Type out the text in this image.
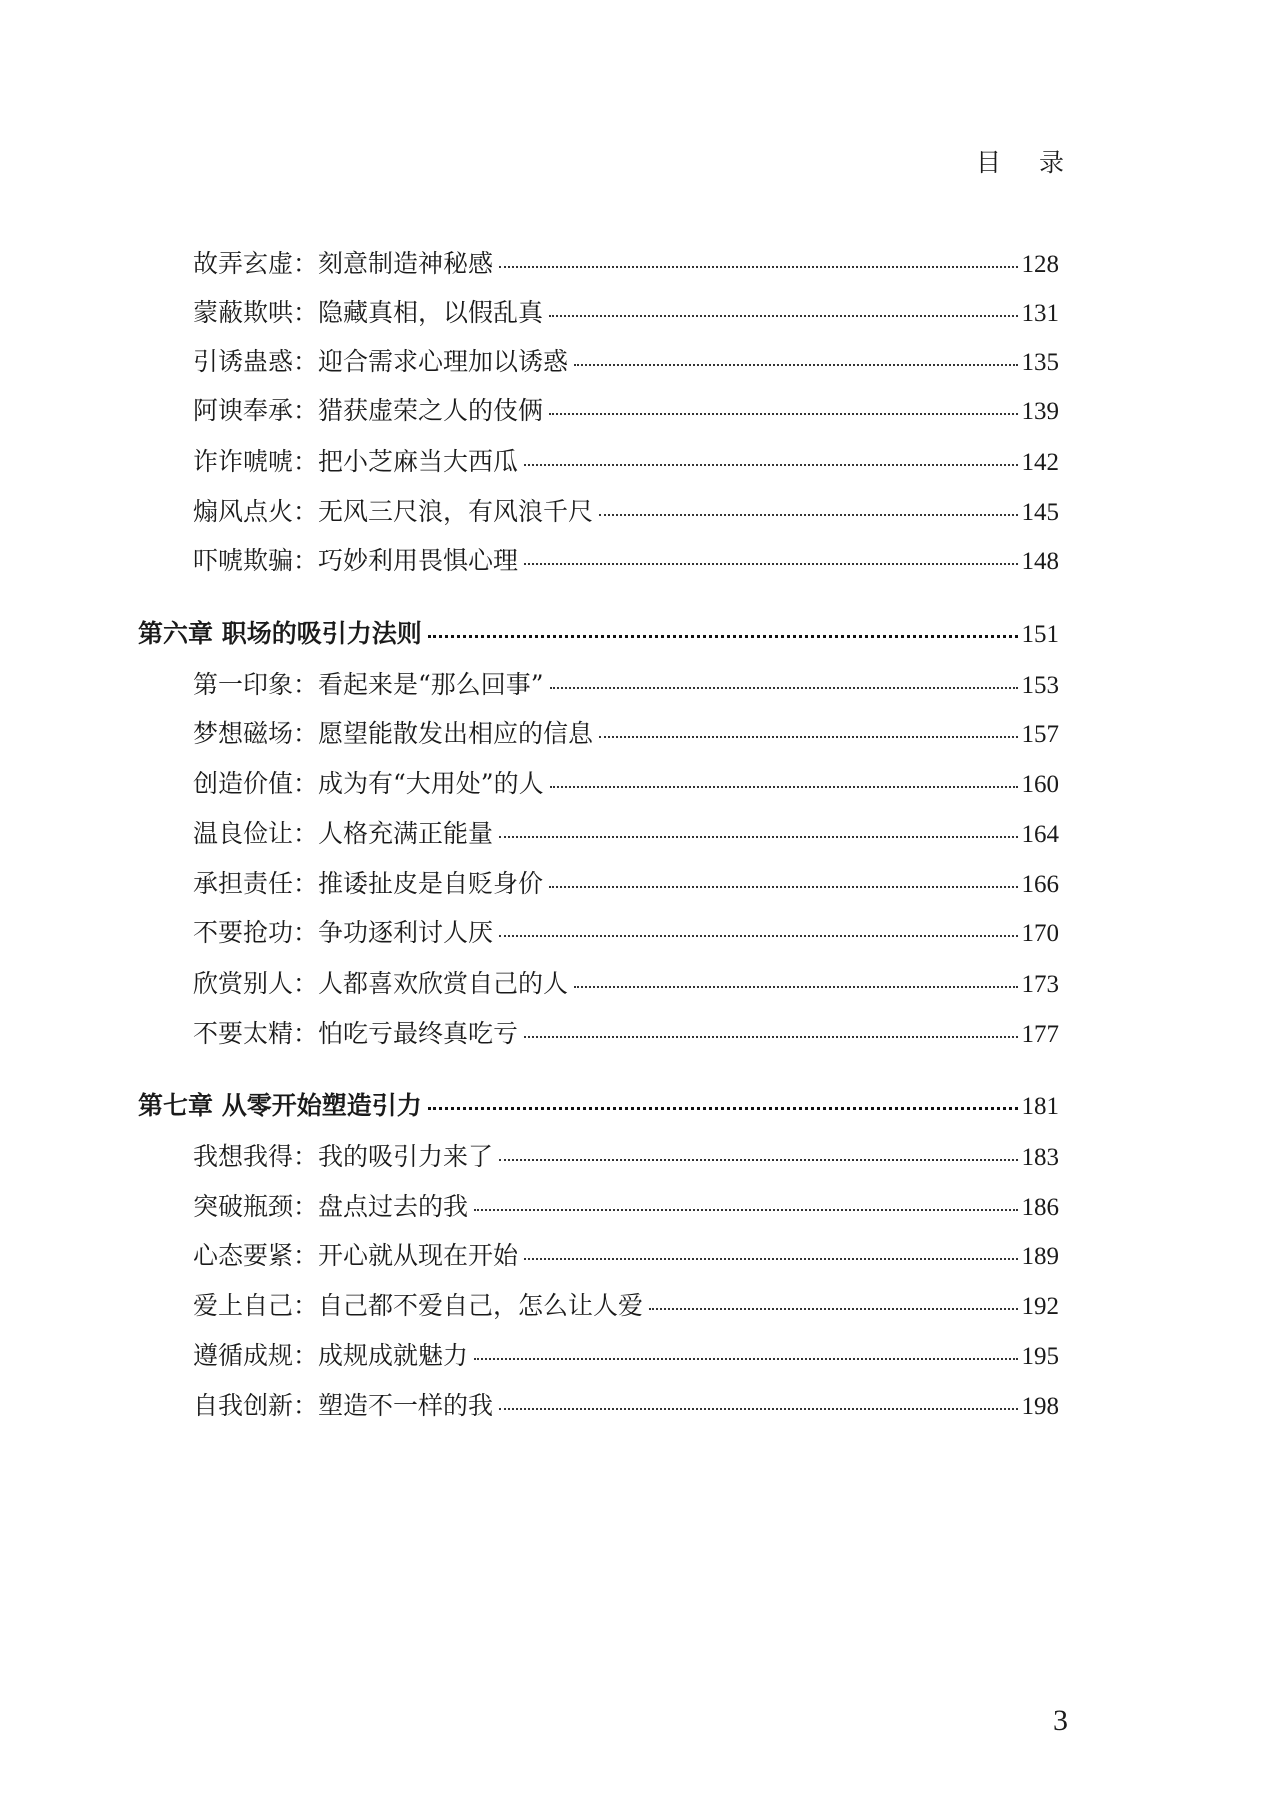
目录
故弄玄虚：刻意制造神秘感	128
蒙蔽欺哄：隐藏真相，以假乱真	131
引诱蛊惑：迎合需求心理加以诱惑	135
阿谀奉承：猎获虚荣之人的伎俩	139
诈诈唬唬：把小芝麻当大西瓜	142
煽风点火：无风三尺浪，有风浪千尺	145
吓唬欺骗：巧妙利用畏惧心理	148
第六章 职场的吸引力法则	151
第一印象：看起来是“那么回事”	153
梦想磁场：愿望能散发出相应的信息	157
创造价值：成为有“大用处”的人	160
温良俭让：人格充满正能量	164
承担责任：推诿扯皮是自贬身价	166
不要抢功：争功逐利讨人厌	170
欣赏别人：人都喜欢欣赏自己的人	173
不要太精：怕吃亏最终真吃亏	177
第七章 从零开始塑造引力	181
我想我得：我的吸引力来了	183
突破瓶颈：盘点过去的我	186
心态要紧：开心就从现在开始	189
爱上自己：自己都不爱自己，怎么让人爱	192
遵循成规：成规成就魅力	195
自我创新：塑造不一样的我	198
3
